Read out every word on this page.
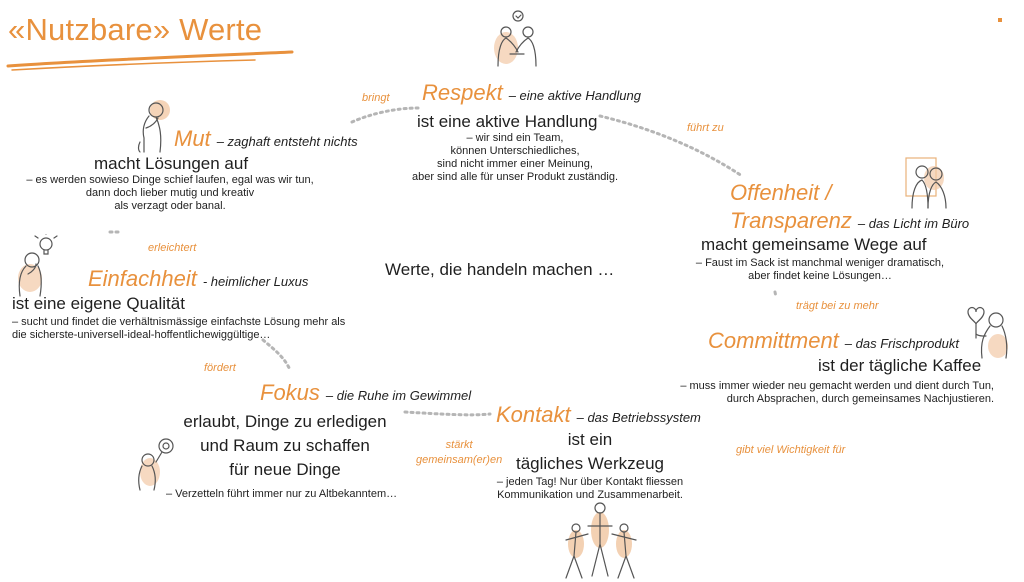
«Nutzbare» Werte
Respekt – eine aktive Handlung
ist eine aktive Handlung
– wir sind ein Team,
können Unterschiedliches,
sind nicht immer einer Meinung,
aber sind alle für unser Produkt zuständig.
Mut – zaghaft entsteht nichts
macht Lösungen auf
– es werden sowieso Dinge schief laufen, egal was wir tun,
dann doch lieber mutig und kreativ
als verzagt oder banal.
Offenheit /
Transparenz – das Licht im Büro
macht gemeinsame Wege auf
– Faust im Sack ist manchmal weniger dramatisch,
aber findet keine Lösungen…
Werte, die handeln machen …
Einfachheit - heimlicher Luxus
ist eine eigene Qualität
– sucht und findet die verhältnismässige einfachste Lösung mehr als
die sicherste-universell-ideal-hoffentlichewiggültige…	Committment – das Frischprodukt
ist der tägliche Kaffee
– muss immer wieder neu gemacht werden und dient durch Tun,
durch Absprachen, durch gemeinsames Nachjustieren.
Fokus – die Ruhe im Gewimmel
erlaubt, Dinge zu erledigen
und Raum zu schaffen
für neue Dinge
– Verzetteln führt immer nur zu Altbekanntem…
Kontakt – das Betriebssystem
ist ein
tägliches Werkzeug
– jeden Tag! Nur über Kontakt fliessen
Kommunikation und Zusammenarbeit.
bringt
führt zu
erleichtert
trägt bei zu mehr
fördert
stärkt
gemeinsam(er)en
gibt viel Wichtigkeit für
